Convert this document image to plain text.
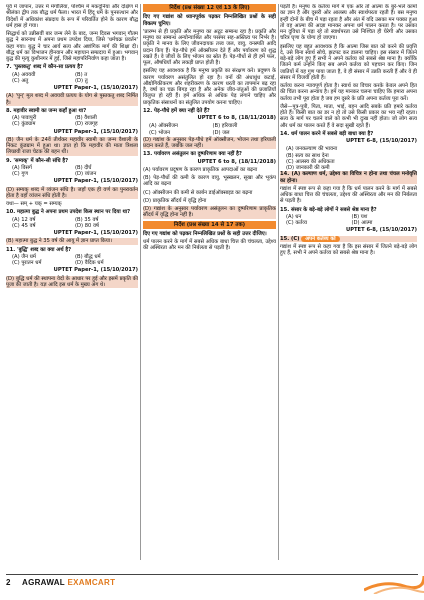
पूर्व में जापान, उत्तर में मंगोलिया, पश्चिम में मकदूनिया और दक्षिण में श्रीलंका द्वीप तक बौद्ध धर्म फैला। भारत में हिंदू धर्म के पुनरुत्थान और विदेशों में अधिकांश संप्रदाय के रूप में परिवर्तित होने के कारण बौद्ध धर्म हास हो गया।

सिद्धार्थ को उन्नीसवीं बार जन्म लेने के बाद, जन्म दिवस भगवान् गौतम बुद्ध ने सारनाथ में अपना प्रथम उपदेश दिया, जिसे 'धर्मचक्र प्रवर्तन' कहा गया। बुद्ध ने चार आर्य सत्य और अष्टांगिक मार्ग की शिक्षा दी। बौद्ध धर्म का विभाजन हीनयान और महायान सम्प्रदाय में हुआ। भगवान् बुद्ध की मृत्यु कुशीनगर में हुई, जिसे महापरिनिर्वाण कहा जाता है।

7. 'पुस्तकतु' शब्द में कौन-सा प्रत्यय है?
(A) अवयवी	(B) त
(C) अतु	(D) तु
UPTET Paper-1, (15/10/2017)

(A) 'पुन्' मूल शब्द में अवयवी प्रत्यय के योग से पुस्तकतु शब्द निर्मित है।

8. महावीर स्वामी का जन्म कहाँ हुआ था?
(A) पावापुरी	(B) वैशाली
(C) कुंडग्राम	(D) राजगृह
UPTET Paper-1, (15/10/2017)

(B) जैन धर्म के 24वें तीर्थंकर महावीर स्वामी का जन्म वैशाली के निकट कुंडग्राम में हुआ था। ज्ञात हो कि महावीर की माता त्रिशला लिच्छवी राजा चेटक की बहन थीं।

9. 'सम्यक्' में कौन-सी संधि है?
(A) विसर्ग	(B) दीर्घ
(C) गुण	(D) व्यंजन
UPTET Paper-1, (15/10/2017)

(D) सम्यक् शब्द में व्यंजन संधि है। जहाँ एक ही वर्ण का पुनरावर्तन होता है वहाँ व्यंजन संधि होती है।

यथा— सम् + यक् = सम्यक्

10. महात्मा बुद्ध ने अपना प्रथम उपदेश किस स्थान पर दिया था?
(A) 12 वर्ष	(B) 35 वर्ष
(C) 45 वर्ष	(D) 80 वर्ष
UPTET Paper-1, (15/10/2017)

(B) महात्मा बुद्ध ने 35 वर्ष की आयु में ज्ञान प्राप्त किया।

11. 'बुद्धि' शब्द का क्या अर्थ है?
(A) जैन धर्म	(B) बौद्ध धर्म
(C) पुरातन धर्म	(D) वैदिक धर्म
UPTET Paper-1, (15/10/2017)

(D) बुद्धि धर्म की स्थापना वेदों के आधार पर हुई और इसमें प्रकृति की पूजा की जाती है। यज्ञ आदि इस धर्म के मुख्य अंग थे।

निर्देश (प्रश्न संख्या 12 एवं 13 के लिए)

दिए गए गद्यांश को ध्यानपूर्वक पढ़कर निम्नलिखित प्रश्नों के सही विकल्प चुनिए।

'प्रारम्भ से ही प्रकृति और मनुष्य का अटूट सम्बन्ध रहा है। प्रकृति और मनुष्य का सम्बन्ध अन्योन्याश्रित और परस्पर सह-अस्तित्व पर निर्भर है। प्रकृति ने मानव के लिए जीवनदायक तत्त्व जल, वायु, वनस्पति आदि प्रदान किए हैं। पेड़-पौधे हमें ऑक्सीजन देते हैं और पर्यावरण को शुद्ध रखते हैं। वे जीवों के लिए भोजन का स्रोत हैं। पेड़-पौधों से ही हमें फल, फूल, औषधियाँ और लकड़ी प्राप्त होती है।

इसलिए यह आवश्यक है कि मनुष्य प्रकृति का संरक्षण करे। प्रदूषण के कारण पर्यावरण असंतुलित हो रहा है। वनों की अंधाधुंध कटाई, औद्योगिकीकरण और शहरीकरण के कारण धरती का तापमान बढ़ रहा है, वर्षा का चक्र बिगड़ रहा है और अनेक जीव-जंतुओं की प्रजातियाँ विलुप्त हो रही हैं। हमें अधिक से अधिक पेड़ लगाने चाहिए और प्राकृतिक संसाधनों का संतुलित उपयोग करना चाहिए।

12. पेड़-पौधे हमें क्या नहीं देते हैं?
UPTET 6 to 8, (18/11/2018)
(A) ऑक्सीजन	(B) हरियाली
(C) भोजन	(D) जल

(D) गद्यांश के अनुसार पेड़-पौधे हमें ऑक्सीजन, भोजन तथा हरियाली प्रदान करते हैं, जबकि जल नहीं।

13. पर्यावरण असंतुलन का दुष्परिणाम क्या नहीं है?
UPTET 6 to 8, (18/11/2018)

(A) पर्यावरण प्रदूषण के कारण प्राकृतिक आपदाओं का बढ़ना

(B) पेड़-पौधों की कमी के कारण वायु, भूस्खलन, सूखा और भूकंप आदि का बढ़ना

(C) ऑक्सीजन की कमी से कार्बन डाईऑक्साइड का बढ़ना

(D) प्राकृतिक सौंदर्य में वृद्धि होना

(D) गद्यांश के अनुसार पर्यावरण असंतुलन का दुष्परिणाम प्राकृतिक सौंदर्य में वृद्धि होना नहीं है।

निर्देश (प्रश्न संख्या 14 से 17 तक)

दिए गए गद्यांश को पढ़कर निम्नलिखित प्रश्नों के सही उत्तर दीजिए।

धर्म पालन करने के मार्ग में सबसे अधिक बाधा चित्त की चंचलता, उद्देश्य की अस्थिरता और मन की निर्बलता से पड़ती है।

पड़ती है। मनुष्य के कर्तव्य मार्ग में एक ओर तो आत्मा के बुरे-भले कामों का ज्ञान है और दूसरी ओर आलस्य और स्वार्थपरता रहती है। बस मनुष्य इन्हीं दोनों के बीच में पड़ा रहता है और अंत में यदि उसका मन पक्का हुआ तो वह आत्मा की आज्ञा मानकर अपना धर्म पालन करता है। पर उसका मन दुविधा में पड़ा रहे तो स्वार्थपरता उसे निश्चित ही घेरेगी और उसका चरित्र घृणा के योग्य हो जाएगा।

इसलिए यह बहुत आवश्यक है कि आत्मा जिस बात को करने की प्रवृत्ति दे, उसे बिना स्वार्थ सोचे, झटपट कर डालना चाहिए। इस संसार में जितने बड़े-बड़े लोग हुए हैं सभी ने अपने कर्तव्य को सबसे श्रेष्ठ माना है। क्योंकि जितने कर्म उन्होंने किए सब अपने कर्तव्य को पहचान कर किए। जिन जातियों में यह गुण पाया जाता है, वे ही संसार में उन्नति करती हैं और वे ही संसार में विजयी होती हैं।

कर्तव्य करना न्यायपूर्ण होता है। स्वार्थ का विचार करके केवल अपने हित की चिंता करना अन्याय है। हमें यह मानकर चलना चाहिए कि हमारा अपना कर्तव्य तभी पूरा होता है जब हम दूसरे के प्रति अपना कर्तव्य पूरा करें।

जैसे—पुत्र-पुत्री, पिता, माता, भाई, बहन आदि सबके प्रति हमारे कर्तव्य होते हैं। किसी बात का डर न हो तो उसे किसी प्रकार का भय नहीं रहता। सत्य के मार्ग पर चलने वाले को कभी भी दुःख नहीं होता। जो लोग सत्य और धर्म का पालन करते हैं वे सदा सुखी रहते हैं।

14. धर्म पालन करने में सबसे बड़ी बाधा क्या है?
UPTET 6-8, (15/10/2017)
(A) जनकल्याण की भावना
(B) सत्य का साथ देना
(C) आलस्य की अधिकता
(D) जानकारी की कमी

14. (A) कल्याण धर्म, उद्देश्य का विचित्र न होना तथा चंचल मनोवृत्ति का होना।

गद्यांश में स्पष्ट रूप से कहा गया है कि धर्म पालन करने के मार्ग में सबसे अधिक बाधा चित्त की चंचलता, उद्देश्य की अस्थिरता और मन की निर्बलता से पड़ती है।

15. संसार के बड़े-बड़े लोगों ने सबसे श्रेष्ठ माना है?
(A) धन	(B) यश
(C) कर्तव्य	(D) आत्मा
UPTET 6-8, (15/10/2017)

15. (C) अपने कर्तव्य को

गद्यांश में स्पष्ट रूप से कहा गया है कि इस संसार में जितने बड़े-बड़े लोग हुए हैं, सभी ने अपने कर्तव्य को सबसे श्रेष्ठ माना है।

2 AGRAWAL EXAMCART
